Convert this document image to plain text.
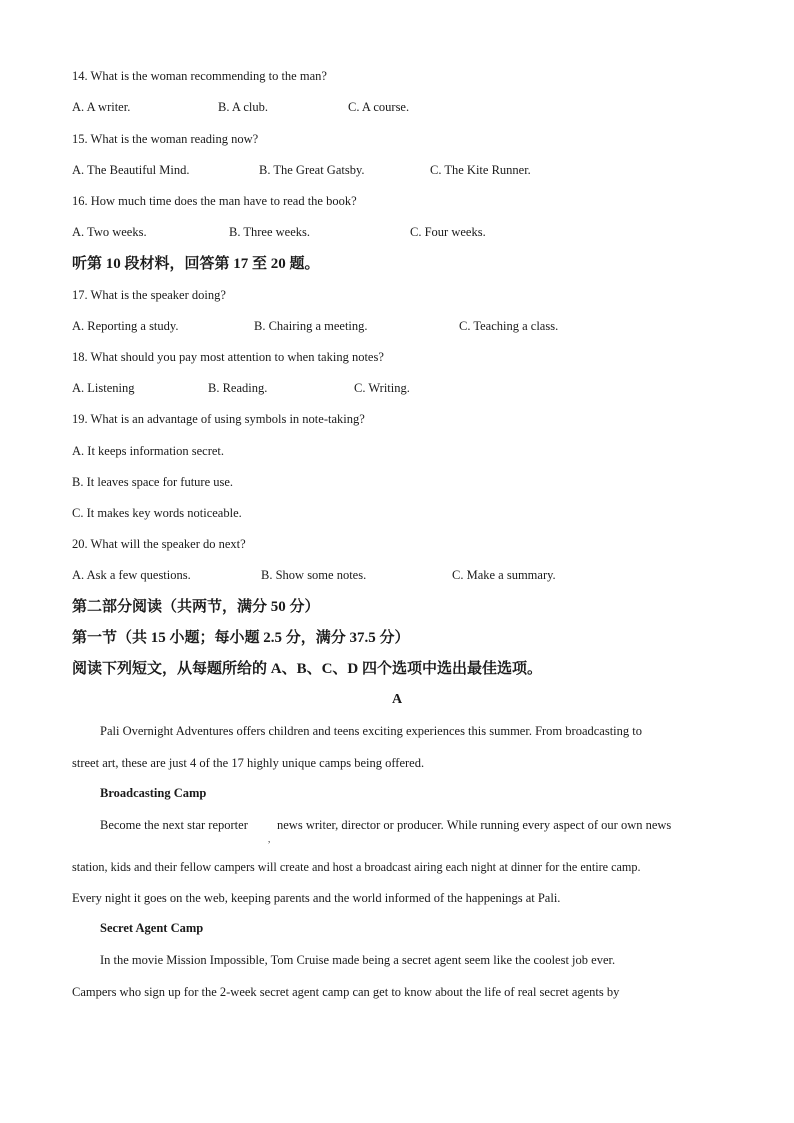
14. What is the woman recommending to the man?
A. A writer.	B. A club.	C. A course.
15. What is the woman reading now?
A. The Beautiful Mind.	B. The Great Gatsby.	C. The Kite Runner.
16. How much time does the man have to read the book?
A. Two weeks.	B. Three weeks.	C. Four weeks.
听第 10 段材料，回答第 17 至 20 题。
17. What is the speaker doing?
A. Reporting a study.	B. Chairing a meeting.	C. Teaching a class.
18. What should you pay most attention to when taking notes?
A. Listening	B. Reading.	C. Writing.
19. What is an advantage of using symbols in note-taking?
A. It keeps information secret.
B. It leaves space for future use.
C. It makes key words noticeable.
20. What will the speaker do next?
A. Ask a few questions.	B. Show some notes.	C. Make a summary.
第二部分阅读（共两节，满分 50 分）
第一节（共 15 小题；每小题 2.5 分，满分 37.5 分）
阅读下列短文，从每题所给的 A、B、C、D 四个选项中选出最佳选项。
A
Pali Overnight Adventures offers children and teens exciting experiences this summer. From broadcasting to
street art, these are just 4 of the 17 highly unique camps being offered.
Broadcasting Camp
Become the next star reporter
,
news writer, director or producer. While running every aspect of our own news
station, kids and their fellow campers will create and host a broadcast airing each night at dinner for the entire camp.
Every night it goes on the web, keeping parents and the world informed of the happenings at Pali.
Secret Agent Camp
In the movie Mission Impossible, Tom Cruise made being a secret agent seem like the coolest job ever.
Campers who sign up for the 2-week secret agent camp can get to know about the life of real secret agents by
